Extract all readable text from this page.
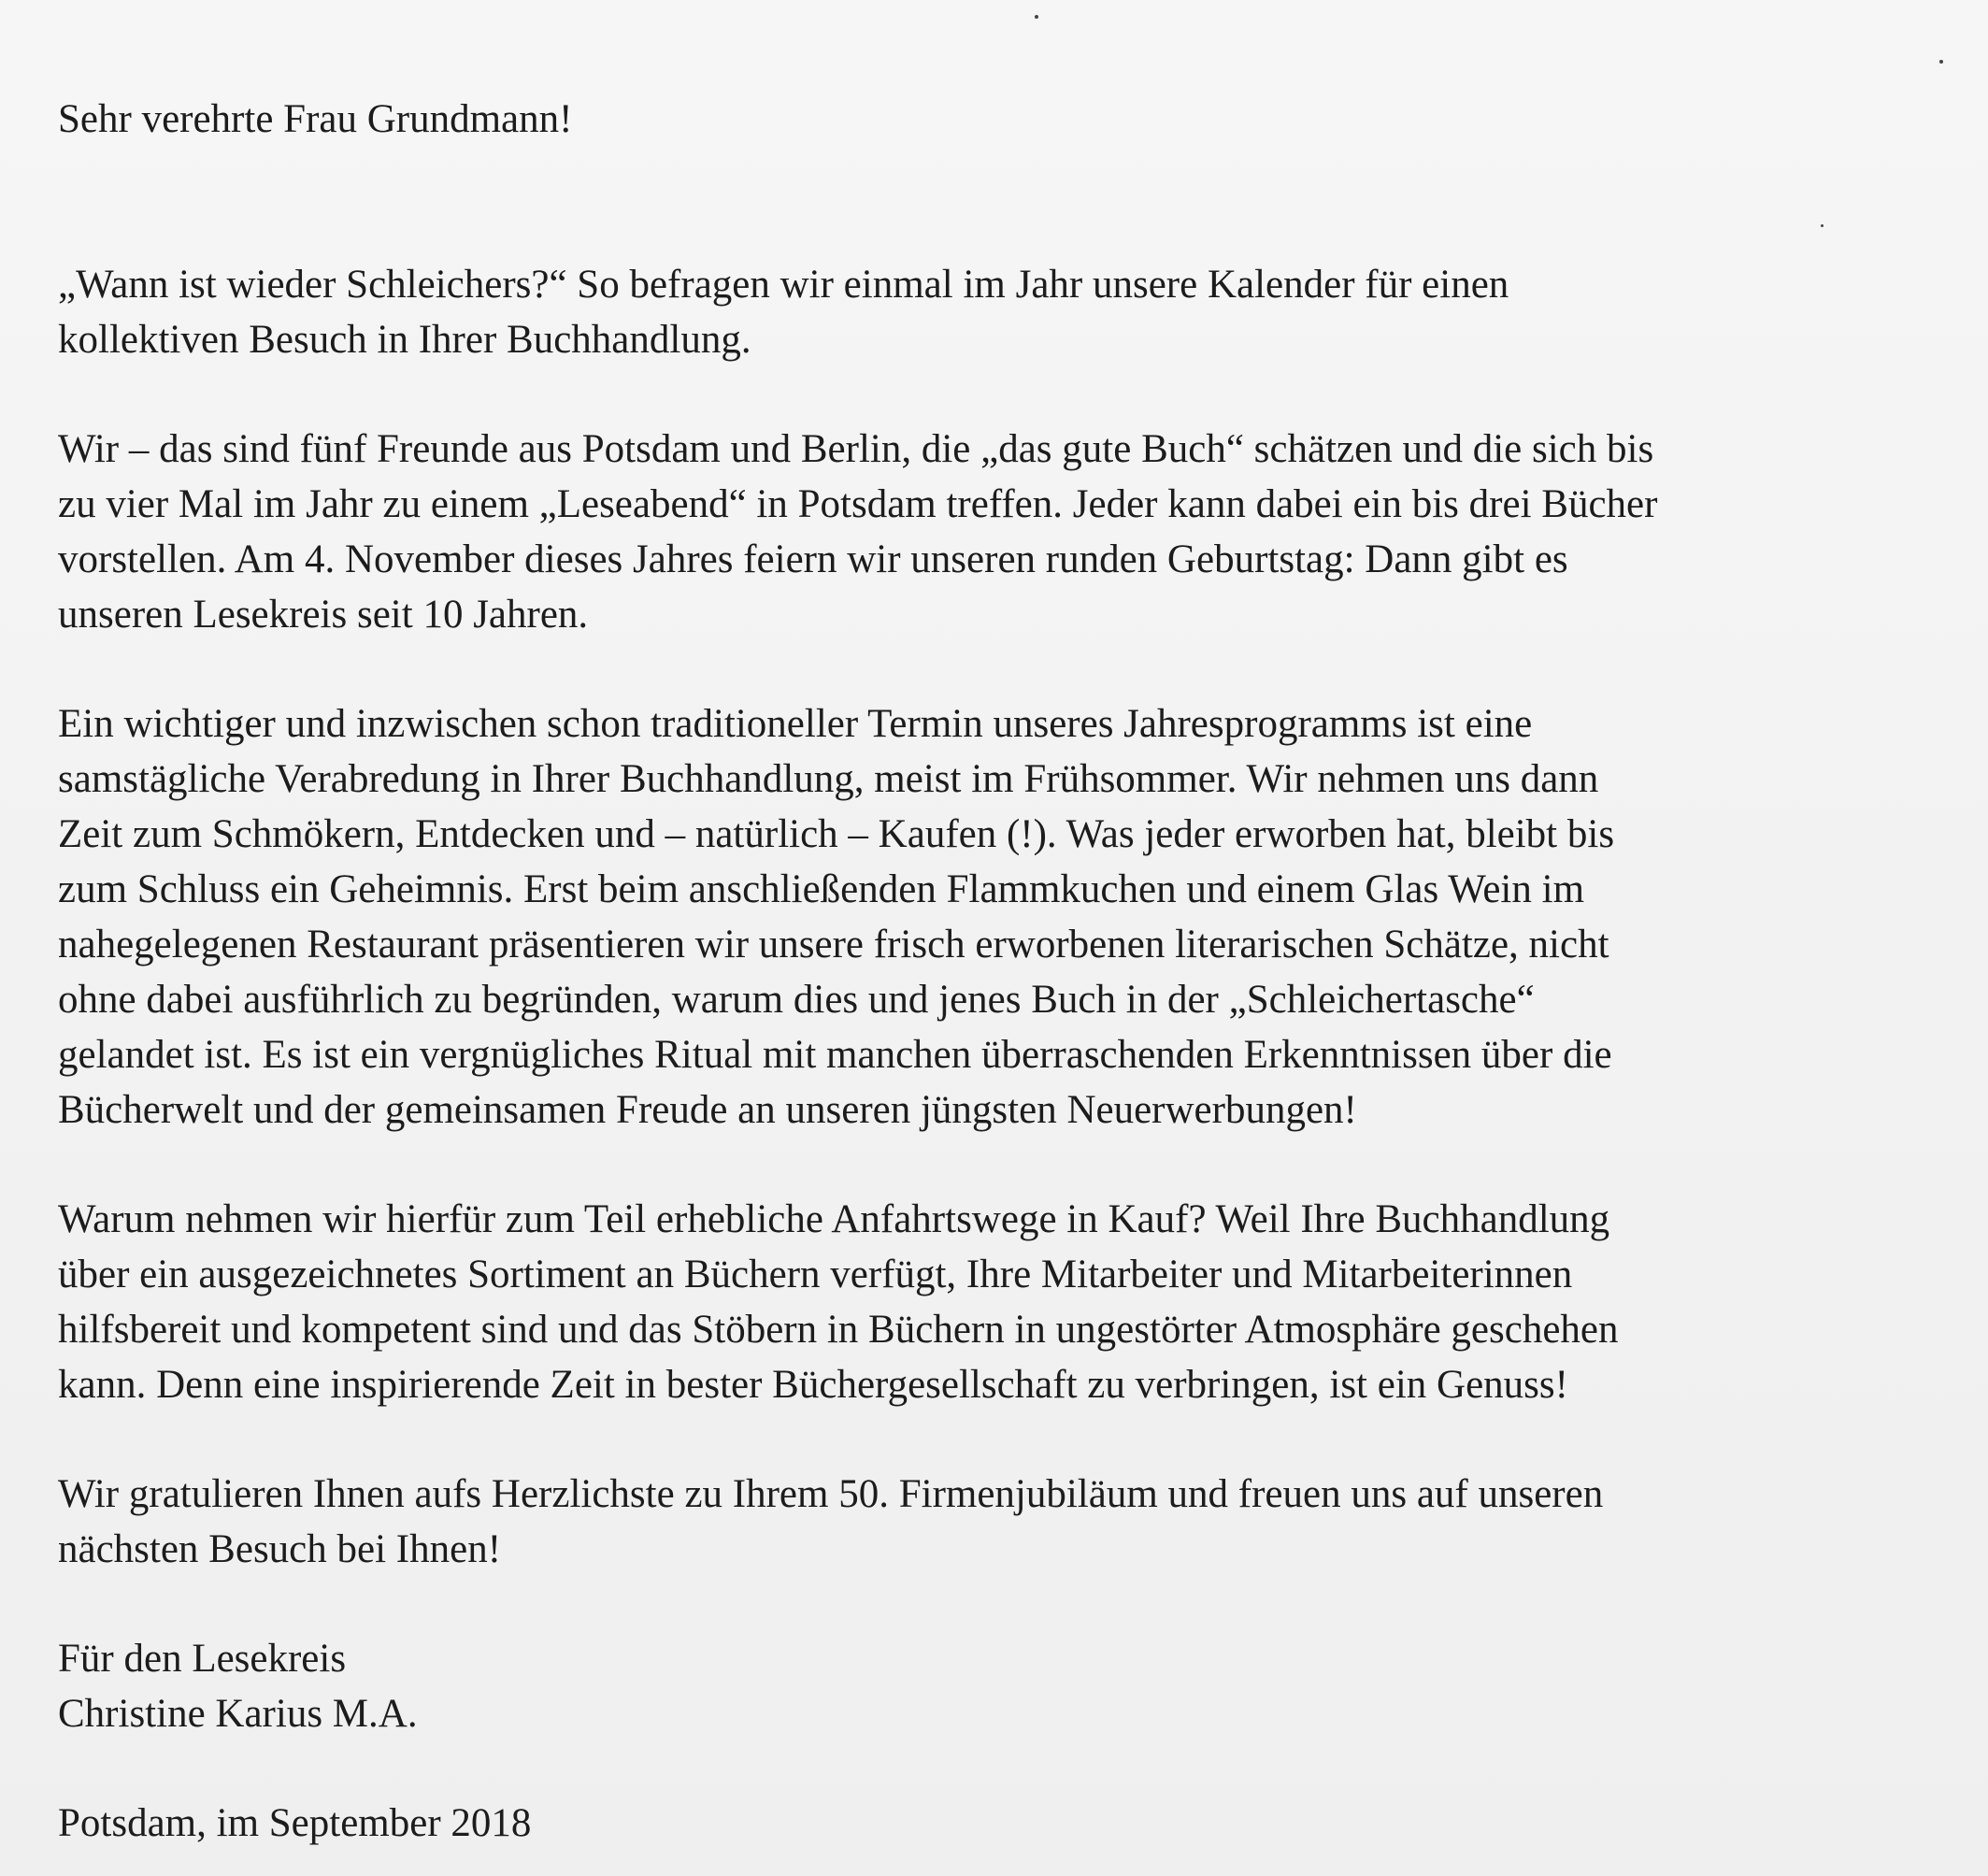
Sehr verehrte Frau Grundmann!
„Wann ist wieder Schleichers?“ So befragen wir einmal im Jahr unsere Kalender für einen
kollektiven Besuch in Ihrer Buchhandlung.
Wir – das sind fünf Freunde aus Potsdam und Berlin, die „das gute Buch“ schätzen und die sich bis
zu vier Mal im Jahr zu einem „Leseabend“ in Potsdam treffen. Jeder kann dabei ein bis drei Bücher
vorstellen. Am 4. November dieses Jahres feiern wir unseren runden Geburtstag: Dann gibt es
unseren Lesekreis seit 10 Jahren.
Ein wichtiger und inzwischen schon traditioneller Termin unseres Jahresprogramms ist eine
samstägliche Verabredung in Ihrer Buchhandlung, meist im Frühsommer. Wir nehmen uns dann
Zeit zum Schmökern, Entdecken und – natürlich – Kaufen (!). Was jeder erworben hat, bleibt bis
zum Schluss ein Geheimnis. Erst beim anschließenden Flammkuchen und einem Glas Wein im
nahegelegenen Restaurant präsentieren wir unsere frisch erworbenen literarischen Schätze, nicht
ohne dabei ausführlich zu begründen, warum dies und jenes Buch in der „Schleichertasche“
gelandet ist. Es ist ein vergnügliches Ritual mit manchen überraschenden Erkenntnissen über die
Bücherwelt und der gemeinsamen Freude an unseren jüngsten Neuerwerbungen!
Warum nehmen wir hierfür zum Teil erhebliche Anfahrtswege in Kauf? Weil Ihre Buchhandlung
über ein ausgezeichnetes Sortiment an Büchern verfügt, Ihre Mitarbeiter und Mitarbeiterinnen
hilfsbereit und kompetent sind und das Stöbern in Büchern in ungestörter Atmosphäre geschehen
kann. Denn eine inspirierende Zeit in bester Büchergesellschaft zu verbringen, ist ein Genuss!
Wir gratulieren Ihnen aufs Herzlichste zu Ihrem 50. Firmenjubiläum und freuen uns auf unseren
nächsten Besuch bei Ihnen!
Für den Lesekreis
Christine Karius M.A.
Potsdam, im September 2018
